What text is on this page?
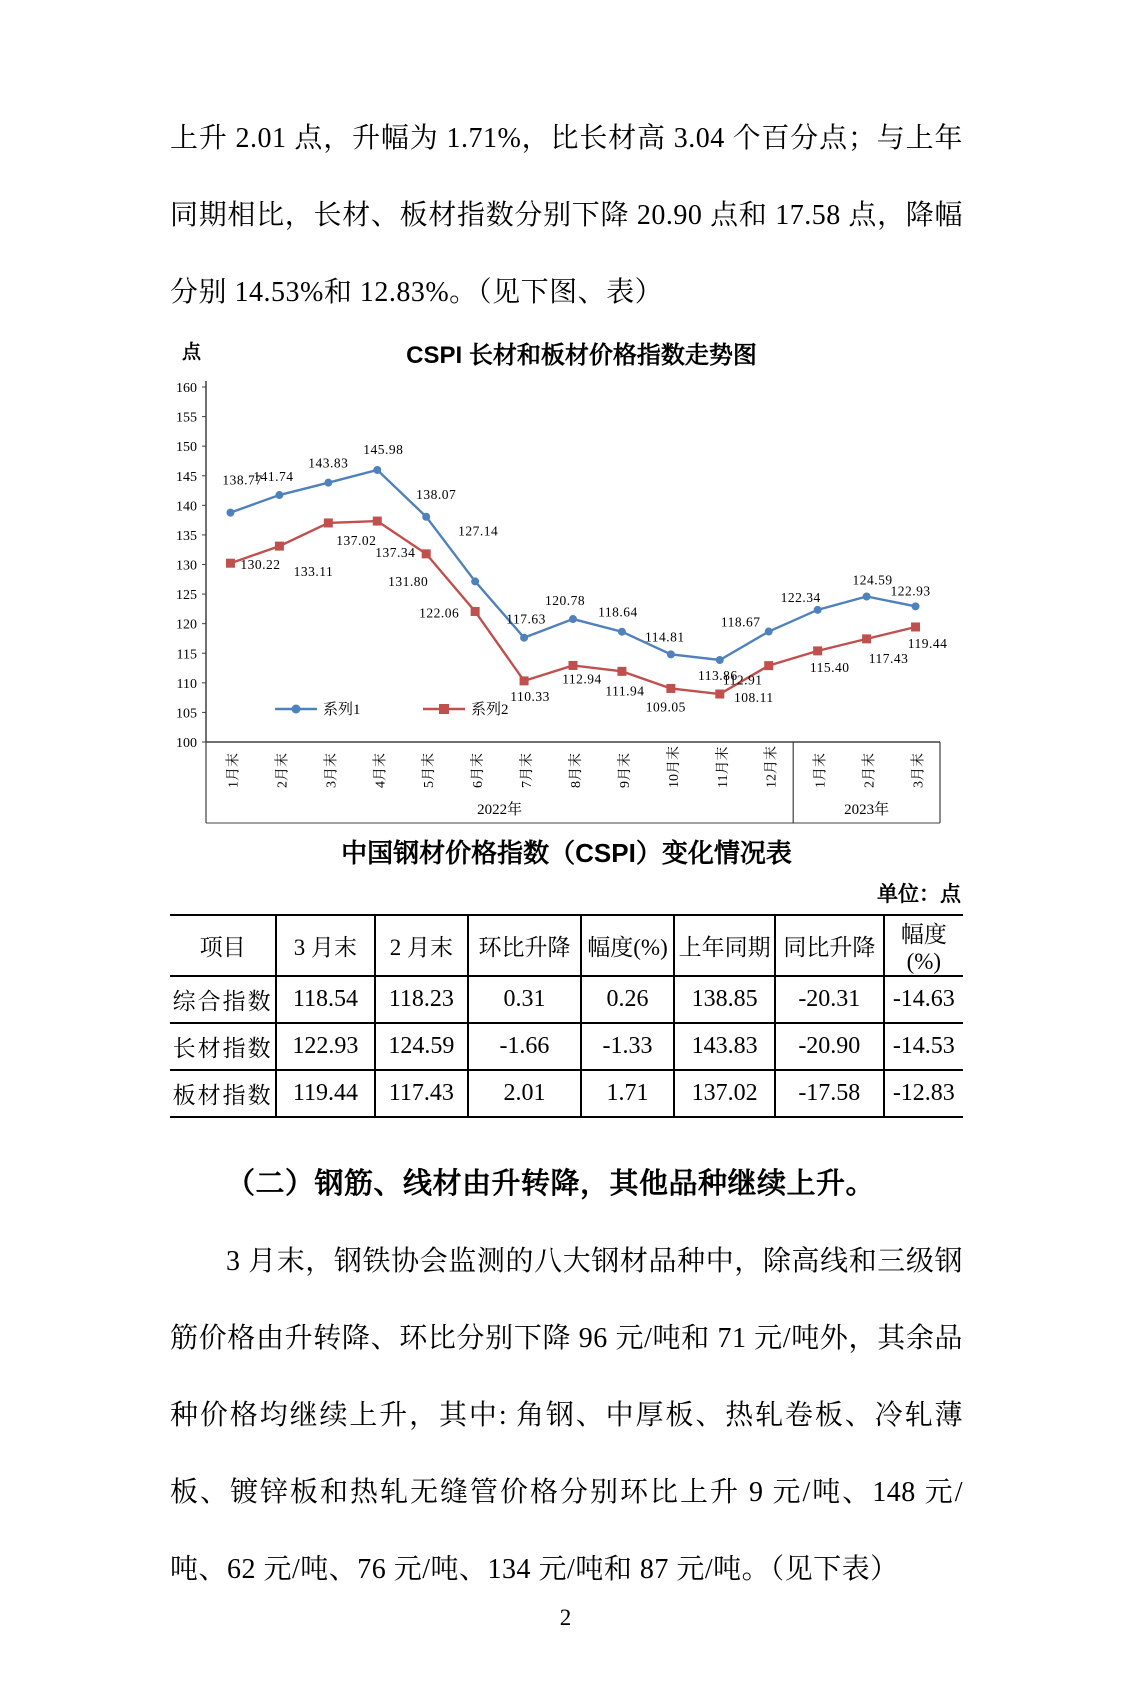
上升 2.01 点，升幅为 1.71%，比长材高 3.04 个百分点；与上年同期相比，长材、板材指数分别下降 20.90 点和 17.58 点，降幅分别 14.53%和 12.83%。（见下图、表）

CSPI 长材和板材价格指数走势图
点
100
105
110
115
120
125
130
135
140
145
150
155
160
1月末 2月末 3月末 4月末 5月末 6月末 7月末 8月末 9月末 10月末 11月末 12月末 1月末 2月末 3月末
2022年	2023年
138.77
141.74
143.83
145.98
138.07
127.14
117.63
120.78
118.64
114.81
113.86
118.67
122.34
124.59
122.93
130.22 133.11
137.02
137.34
131.80
122.06
110.33
112.94
111.94
109.05
108.11
112.91
115.40
117.43
119.44
系列1	系列2
中国钢材价格指数（CSPI）变化情况表
单位：点
项目	3 月末	2 月末	环比升降	幅度(%)	上年同期	同比升降	幅度(%)
综合指数	118.54	118.23	0.31	0.26	138.85	-20.31	-14.63
长材指数	122.93	124.59	-1.66	-1.33	143.83	-20.90	-14.53
板材指数	119.44	117.43	2.01	1.71	137.02	-17.58	-12.83

（二）钢筋、线材由升转降，其他品种继续上升。

3 月末，钢铁协会监测的八大钢材品种中，除高线和三级钢筋价格由升转降、环比分别下降 96 元/吨和 71 元/吨外，其余品种价格均继续上升，其中: 角钢、中厚板、热轧卷板、冷轧薄板、镀锌板和热轧无缝管价格分别环比上升 9 元/吨、148 元/吨、62 元/吨、76 元/吨、134 元/吨和 87 元/吨。（见下表）

2
